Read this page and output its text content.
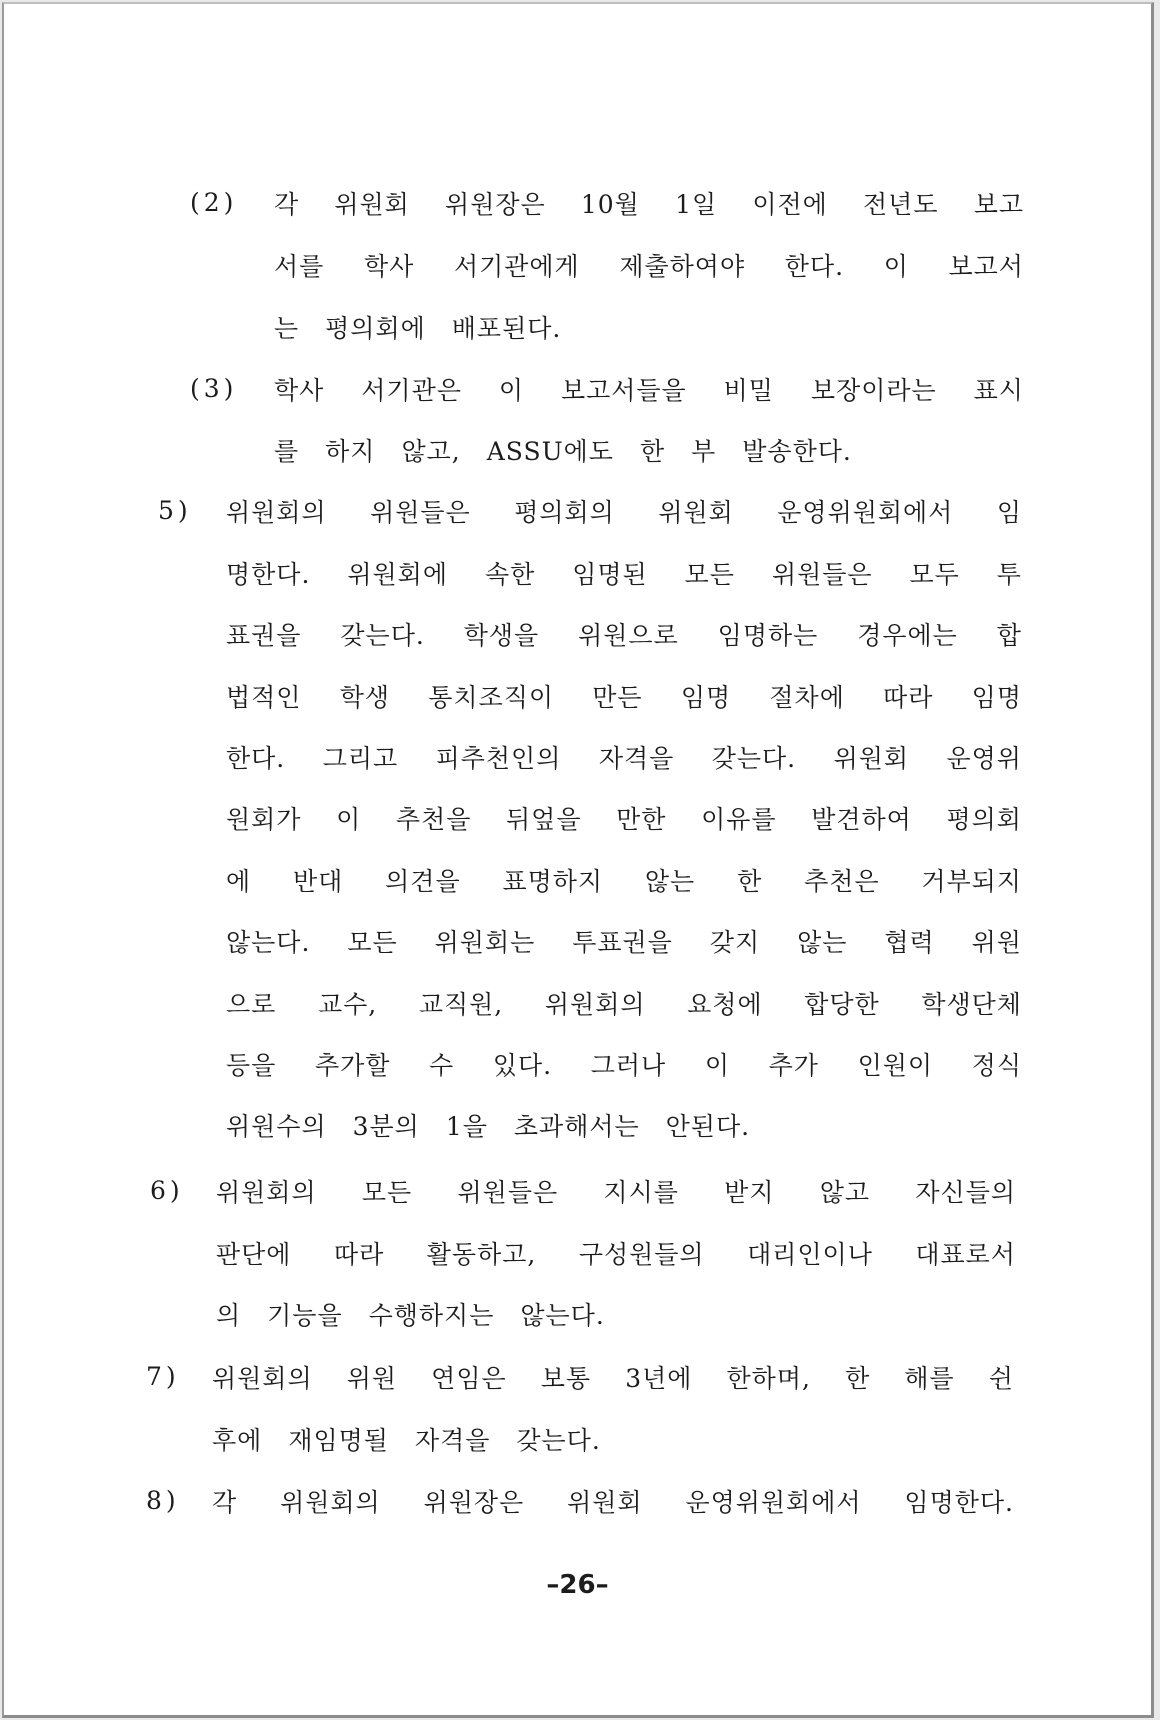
(2) 각 위원회 위원장은 10월 1일 이전에 전년도 보고
서를 학사 서기관에게 제출하여야 한다. 이 보고서
는 평의회에 배포된다.
(3) 학사 서기관은 이 보고서들을 비밀 보장이라는 표시
를 하지 않고, ASSU에도 한 부 발송한다.
5) 위원회의 위원들은 평의회의 위원회 운영위원회에서 임
명한다. 위원회에 속한 임명된 모든 위원들은 모두 투
표권을 갖는다. 학생을 위원으로 임명하는 경우에는 합
법적인 학생 통치조직이 만든 임명 절차에 따라 임명
한다. 그리고 피추천인의 자격을 갖는다. 위원회 운영위
원회가 이 추천을 뒤엎을 만한 이유를 발견하여 평의회
에 반대 의견을 표명하지 않는 한 추천은 거부되지
않는다. 모든 위원회는 투표권을 갖지 않는 협력 위원
으로 교수, 교직원, 위원회의 요청에 합당한 학생단체
등을 추가할 수 있다. 그러나 이 추가 인원이 정식
위원수의 3분의 1을 초과해서는 안된다.
6) 위원회의 모든 위원들은 지시를 받지 않고 자신들의
판단에 따라 활동하고, 구성원들의 대리인이나 대표로서
의 기능을 수행하지는 않는다.
7) 위원회의 위원 연임은 보통 3년에 한하며, 한 해를 쉰
후에 재임명될 자격을 갖는다.
8) 각 위원회의 위원장은 위원회 운영위원회에서 임명한다.
–26–
